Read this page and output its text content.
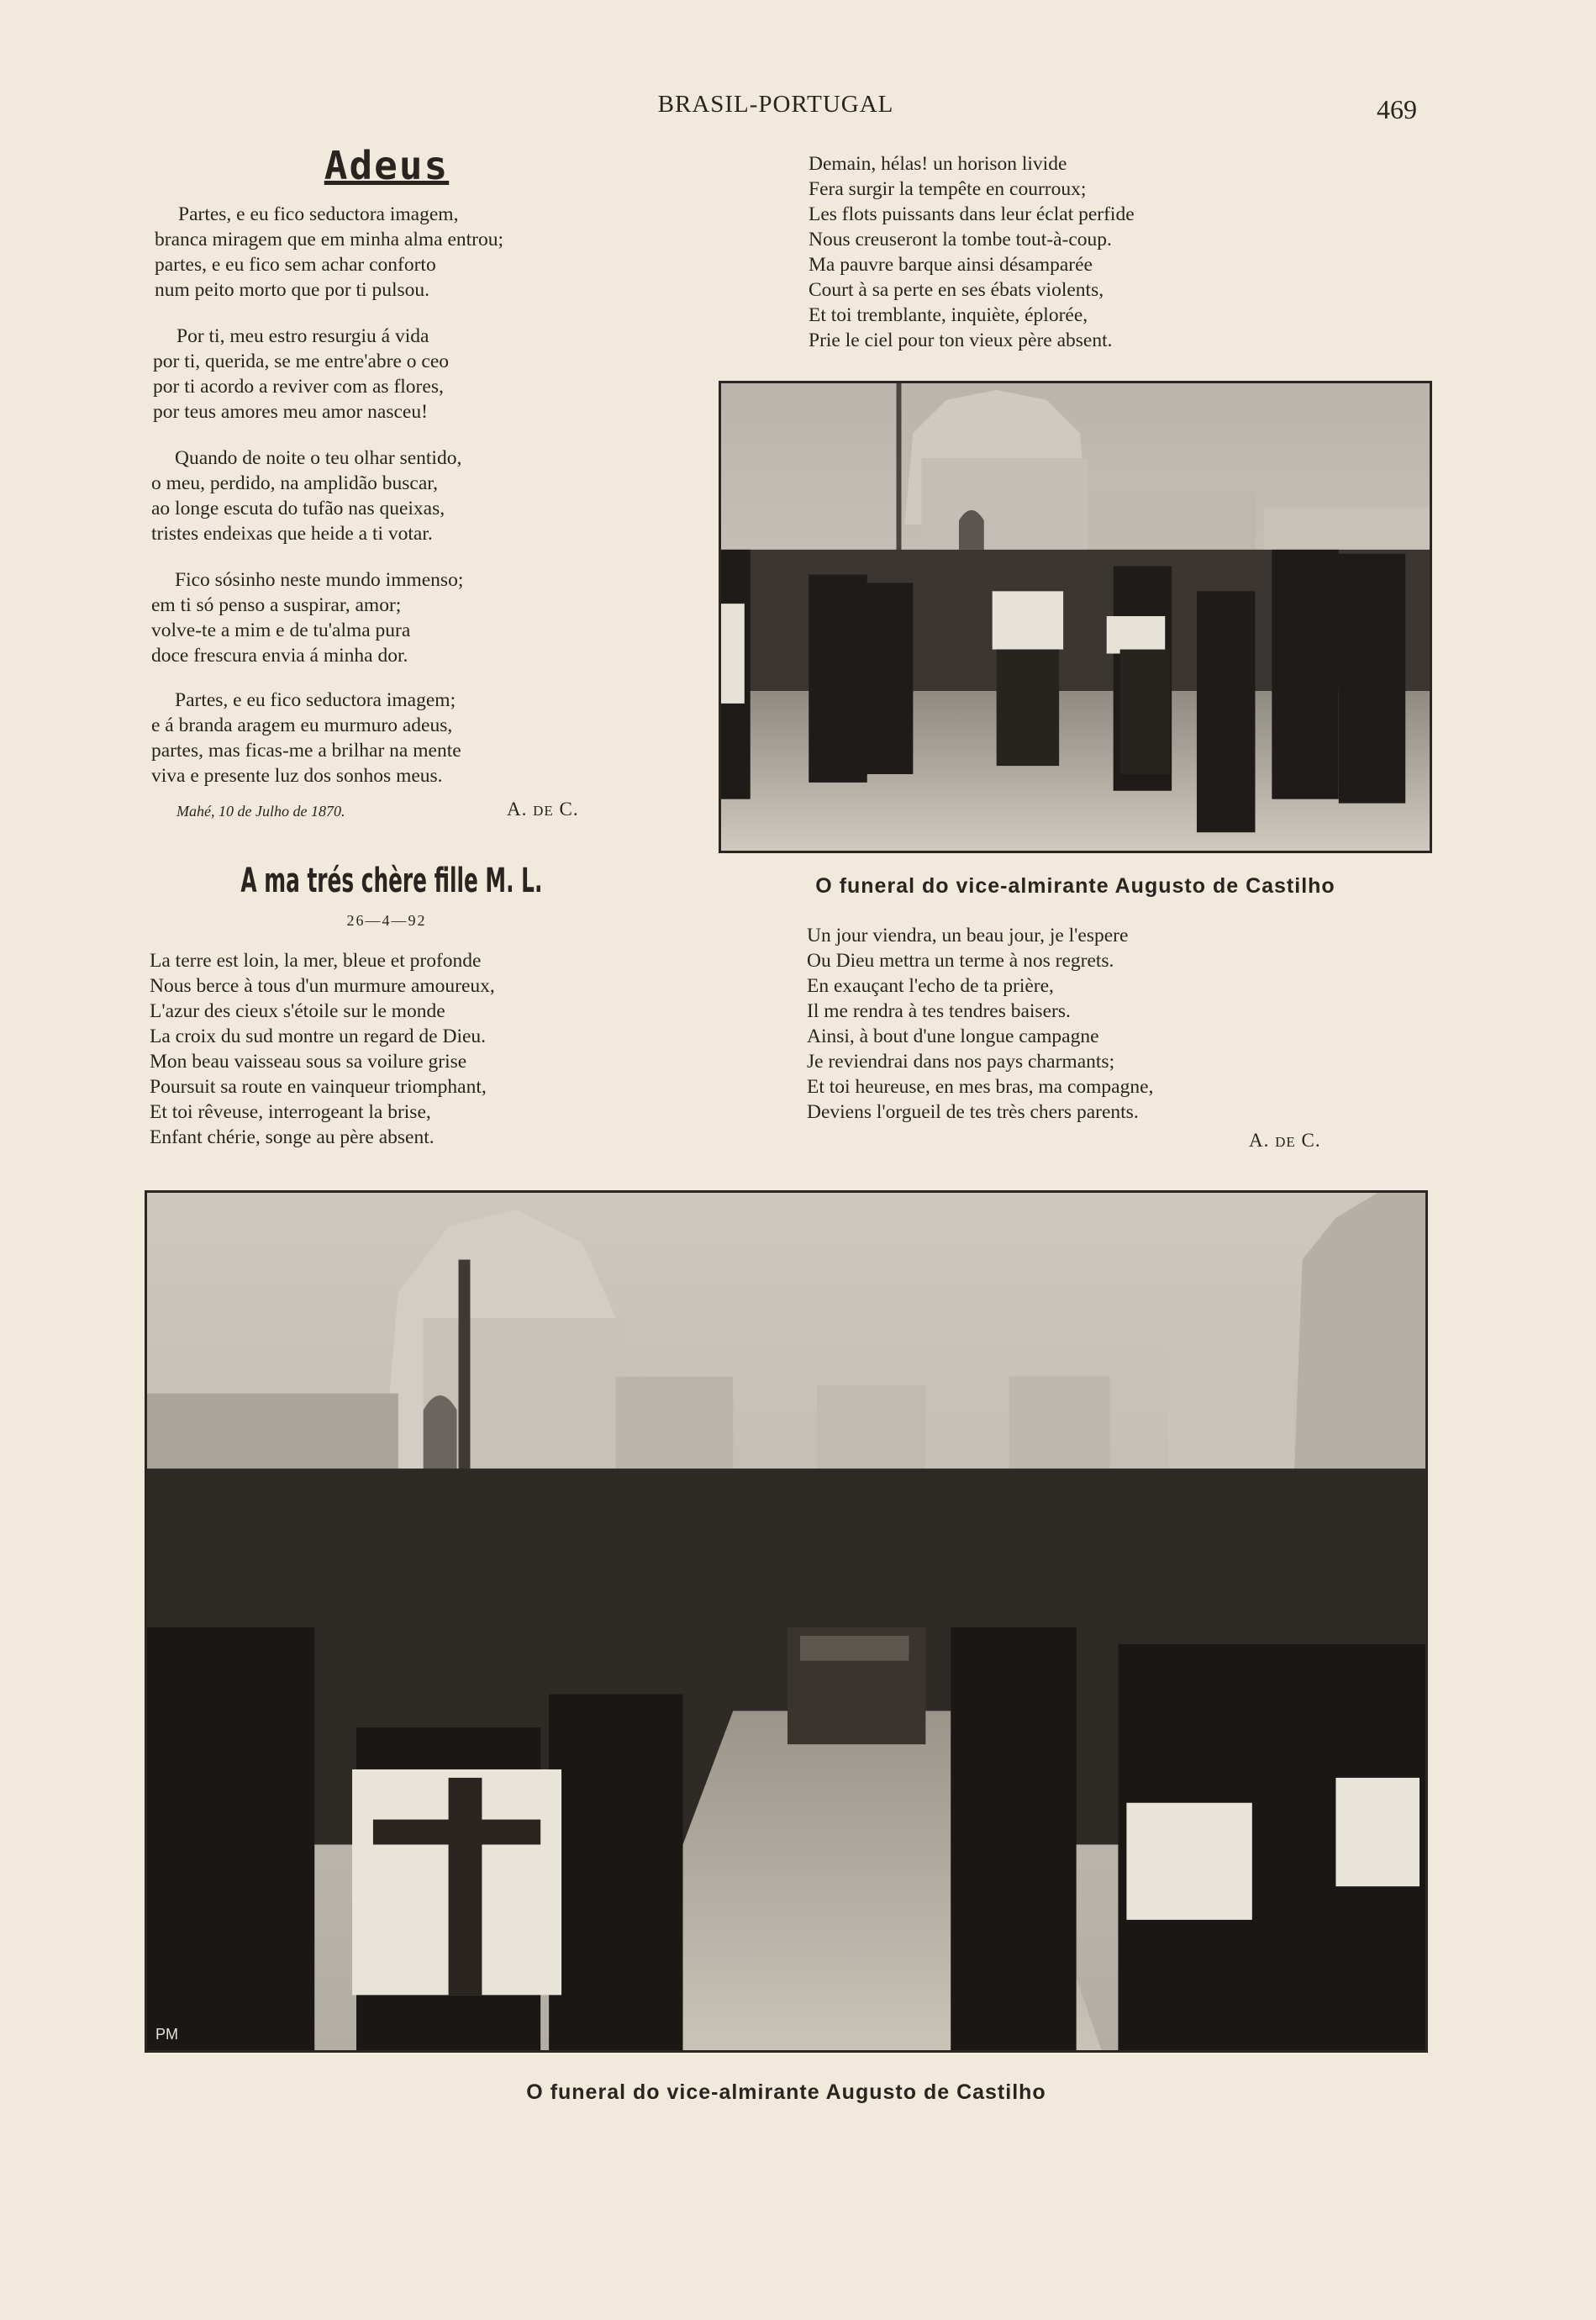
BRASIL-PORTUGAL	469
Adeus
Partes, e eu fico seductora imagem,
branca miragem que em minha alma entrou;
partes, e eu fico sem achar conforto
num peito morto que por ti pulsou.
Por ti, meu estro resurgiu á vida
por ti, querida, se me entre'abre o ceo
por ti acordo a reviver com as flores,
por teus amores meu amor nasceu!
Quando de noite o teu olhar sentido,
o meu, perdido, na amplidão buscar,
ao longe escuta do tufão nas queixas,
tristes endeixas que heide a ti votar.
Fico sósinho neste mundo immenso;
em ti só penso a suspirar, amor;
volve-te a mim e de tu'alma pura
doce frescura envia á minha dor.
Partes, e eu fico seductora imagem;
e á branda aragem eu murmuro adeus,
partes, mas ficas-me a brilhar na mente
viva e presente luz dos sonhos meus.
Mahé, 10 de Julho de 1870.	A. DE C.
A ma trés chère fille M. L.
26—4—92
La terre est loin, la mer, bleue et profonde
Nous berce à tous d'un murmure amoureux,
L'azur des cieux s'étoile sur le monde
La croix du sud montre un regard de Dieu.
Mon beau vaisseau sous sa voilure grise
Poursuit sa route en vainqueur triomphant,
Et toi rêveuse, interrogeant la brise,
Enfant chérie, songe au père absent.
Demain, hélas! un horison livide
Fera surgir la tempête en courroux;
Les flots puissants dans leur éclat perfide
Nous creuseront la tombe tout-à-coup.
Ma pauvre barque ainsi désamparée
Court à sa perte en ses ébats violents,
Et toi tremblante, inquiète, éplorée,
Prie le ciel pour ton vieux père absent.
O funeral do vice-almirante Augusto de Castilho
Un jour viendra, un beau jour, je l'espere
Ou Dieu mettra un terme à nos regrets.
En exauçant l'echo de ta prière,
Il me rendra à tes tendres baisers.
Ainsi, à bout d'une longue campagne
Je reviendrai dans nos pays charmants;
Et toi heureuse, en mes bras, ma compagne,
Deviens l'orgueil de tes très chers parents.
A. DE C.
PM
O funeral do vice-almirante Augusto de Castilho
